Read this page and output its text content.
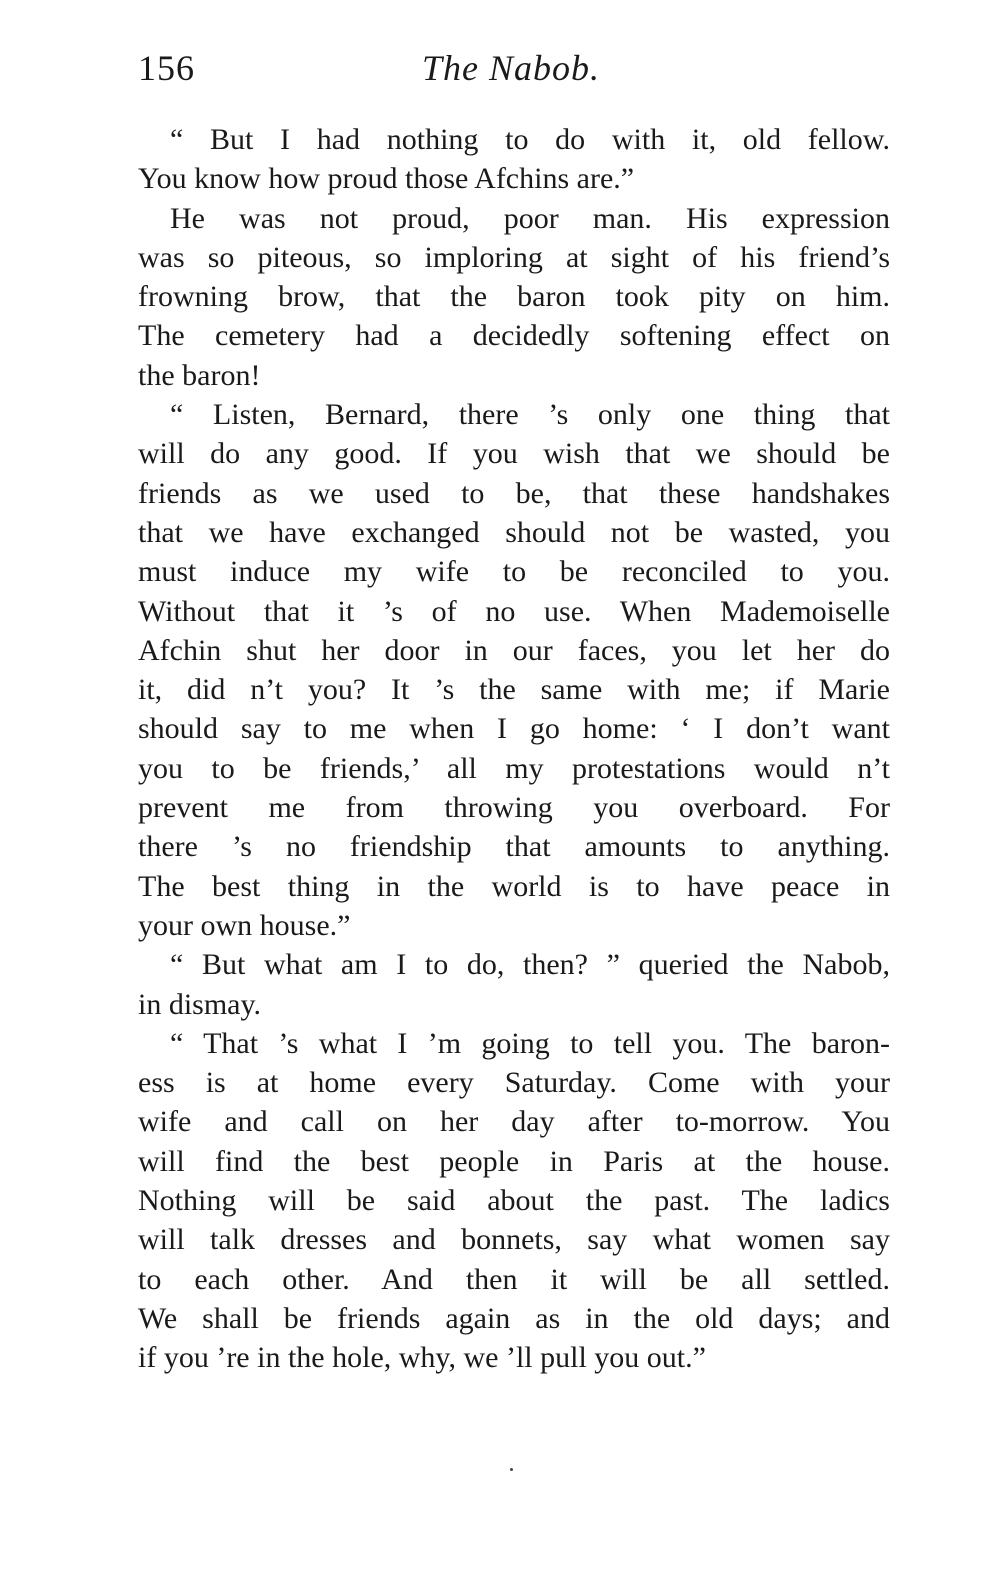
156	The Nabob.
“ But I had nothing to do with it, old fellow.
You know how proud those Afchins are.”
He was not proud, poor man. His expression
was so piteous, so imploring at sight of his friend’s
frowning brow, that the baron took pity on him.
The cemetery had a decidedly softening effect on
the baron!
“ Listen, Bernard, there ’s only one thing that
will do any good. If you wish that we should be
friends as we used to be, that these handshakes
that we have exchanged should not be wasted, you
must induce my wife to be reconciled to you.
Without that it ’s of no use. When Mademoiselle
Afchin shut her door in our faces, you let her do
it, did n’t you? It ’s the same with me; if Marie
should say to me when I go home: ‘ I don’t want
you to be friends,’ all my protestations would n’t
prevent me from throwing you overboard. For
there ’s no friendship that amounts to anything.
The best thing in the world is to have peace in
your own house.”
“ But what am I to do, then? ” queried the Nabob,
in dismay.
“ That ’s what I ’m going to tell you. The baron-
ess is at home every Saturday. Come with your
wife and call on her day after to-morrow. You
will find the best people in Paris at the house.
Nothing will be said about the past. The ladics
will talk dresses and bonnets, say what women say
to each other. And then it will be all settled.
We shall be friends again as in the old days; and
if you ’re in the hole, why, we ’ll pull you out.”
